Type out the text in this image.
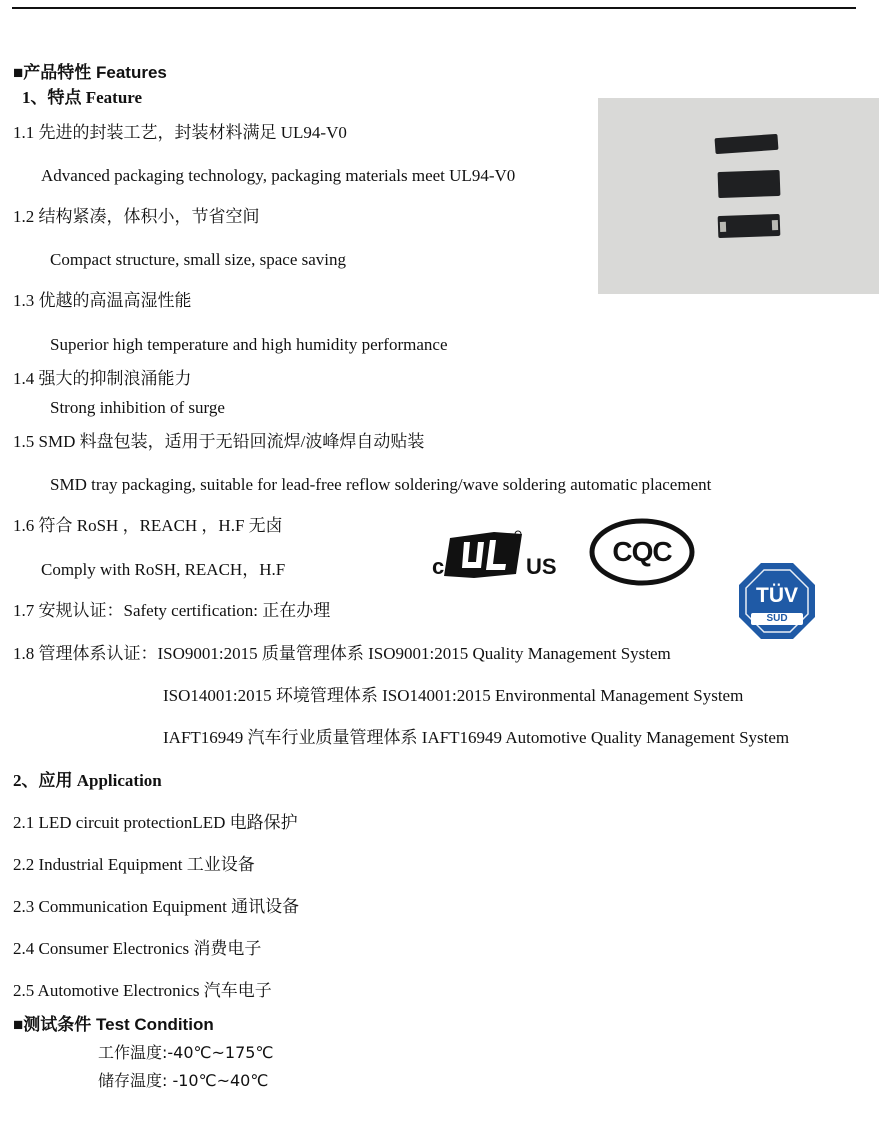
■产品特性 Features
1、特点 Feature
1.1 先进的封装工艺，封装材料满足 UL94-V0
Advanced packaging technology, packaging materials meet UL94-V0
1.2 结构紧凑，体积小，节省空间
Compact structure, small size, space saving
1.3 优越的高温高湿性能
Superior high temperature and high humidity performance
1.4 强大的抑制浪涌能力
Strong inhibition of surge
1.5 SMD 料盘包装，适用于无铅回流焊/波峰焊自动贴装
SMD tray packaging, suitable for lead-free reflow soldering/wave soldering automatic placement
1.6 符合 RoSH ，REACH ，H.F 无卤
Comply with RoSH, REACH，H.F
1.7 安规认证：Safety certification: 正在办理
1.8 管理体系认证：ISO9001:2015 质量管理体系 ISO9001:2015 Quality Management System
ISO14001:2015 环境管理体系 ISO14001:2015 Environmental Management System
IAFT16949 汽车行业质量管理体系 IAFT16949 Automotive Quality Management System
2、应用 Application
2.1 LED circuit protectionLED 电路保护
2.2 Industrial Equipment 工业设备
2.3 Communication Equipment 通讯设备
2.4 Consumer Electronics 消费电子
2.5 Automotive Electronics 汽车电子
■测试条件 Test Condition
工作温度:-40℃~175℃
储存温度: -10℃~40℃
c	US	CQC
TÜV
SÜD
